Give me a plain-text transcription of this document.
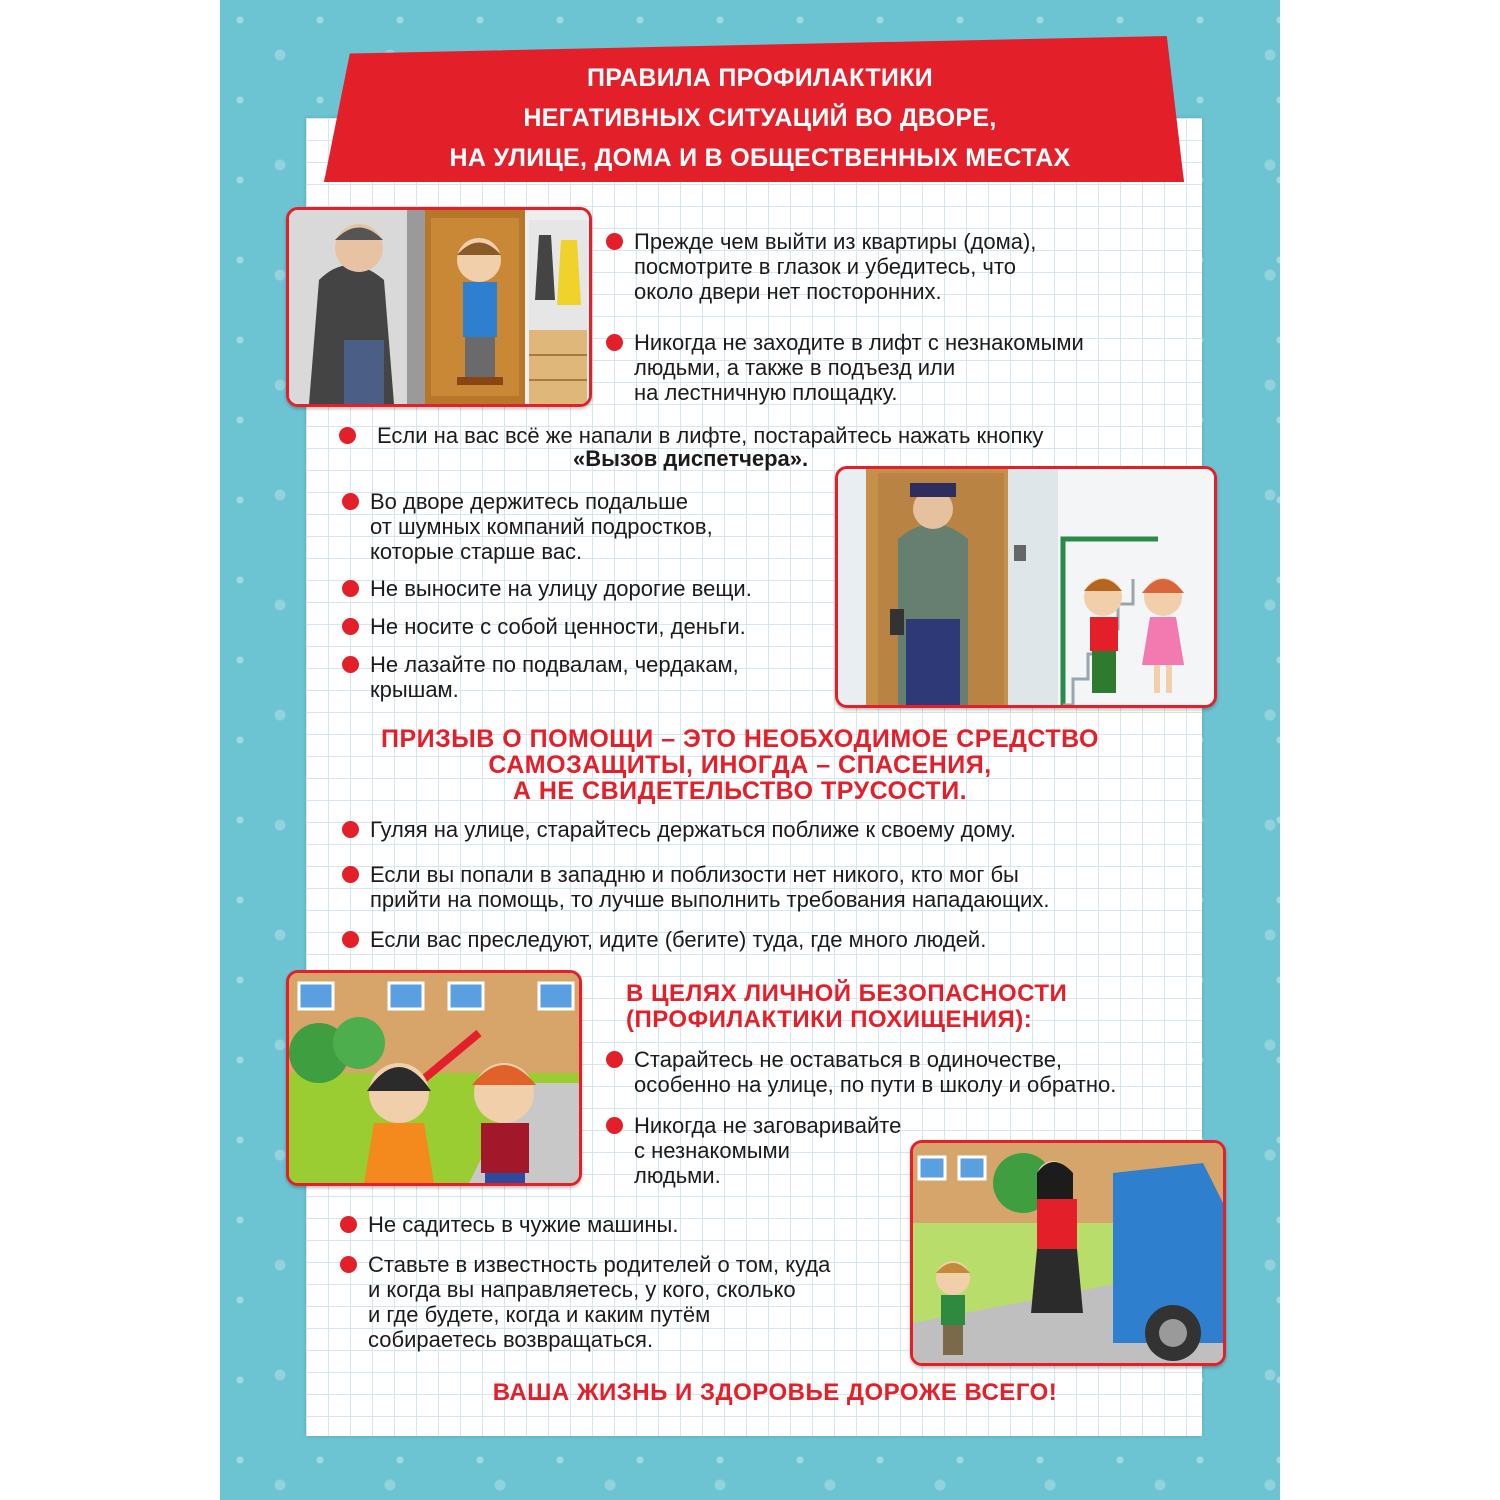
ПРАВИЛА ПРОФИЛАКТИКИ
НЕГАТИВНЫХ СИТУАЦИЙ ВО ДВОРЕ,
НА УЛИЦЕ, ДОМА И В ОБЩЕСТВЕННЫХ МЕСТАХ
Прежде чем выйти из квартиры (дома),
посмотрите в глазок и убедитесь, что
около двери нет посторонних.
Никогда не заходите в лифт с незнакомыми
людьми, а также в подъезд или
на лестничную площадку.
Если на вас всё же напали в лифте, постарайтесь нажать кнопку

«Вызов диспетчера».

Во дворе держитесь подальше
от шумных компаний подростков,
которые старше вас.
Не выносите на улицу дорогие вещи.
Не носите с собой ценности, деньги.
Не лазайте по подвалам, чердакам,
крышам.
ПРИЗЫВ О ПОМОЩИ – ЭТО НЕОБХОДИМОЕ СРЕДСТВО
САМОЗАЩИТЫ, ИНОГДА – СПАСЕНИЯ,
А НЕ СВИДЕТЕЛЬСТВО ТРУСОСТИ.
Гуляя на улице, старайтесь держаться поближе к своему дому.
Если вы попали в западню и поблизости нет никого, кто мог бы
прийти на помощь, то лучше выполнить требования нападающих.
Если вас преследуют, идите (бегите) туда, где много людей.
В ЦЕЛЯХ ЛИЧНОЙ БЕЗОПАСНОСТИ
(ПРОФИЛАКТИКИ ПОХИЩЕНИЯ):
Старайтесь не оставаться в одиночестве,
особенно на улице, по пути в школу и обратно.
Никогда не заговаривайте
с незнакомыми
людьми.
Не садитесь в чужие машины.
Ставьте в известность родителей о том, куда
и когда вы направляетесь, у кого, сколько
и где будете, когда и каким путём
собираетесь возвращаться.

ВАША ЖИЗНЬ И ЗДОРОВЬЕ ДОРОЖЕ ВСЕГО!
